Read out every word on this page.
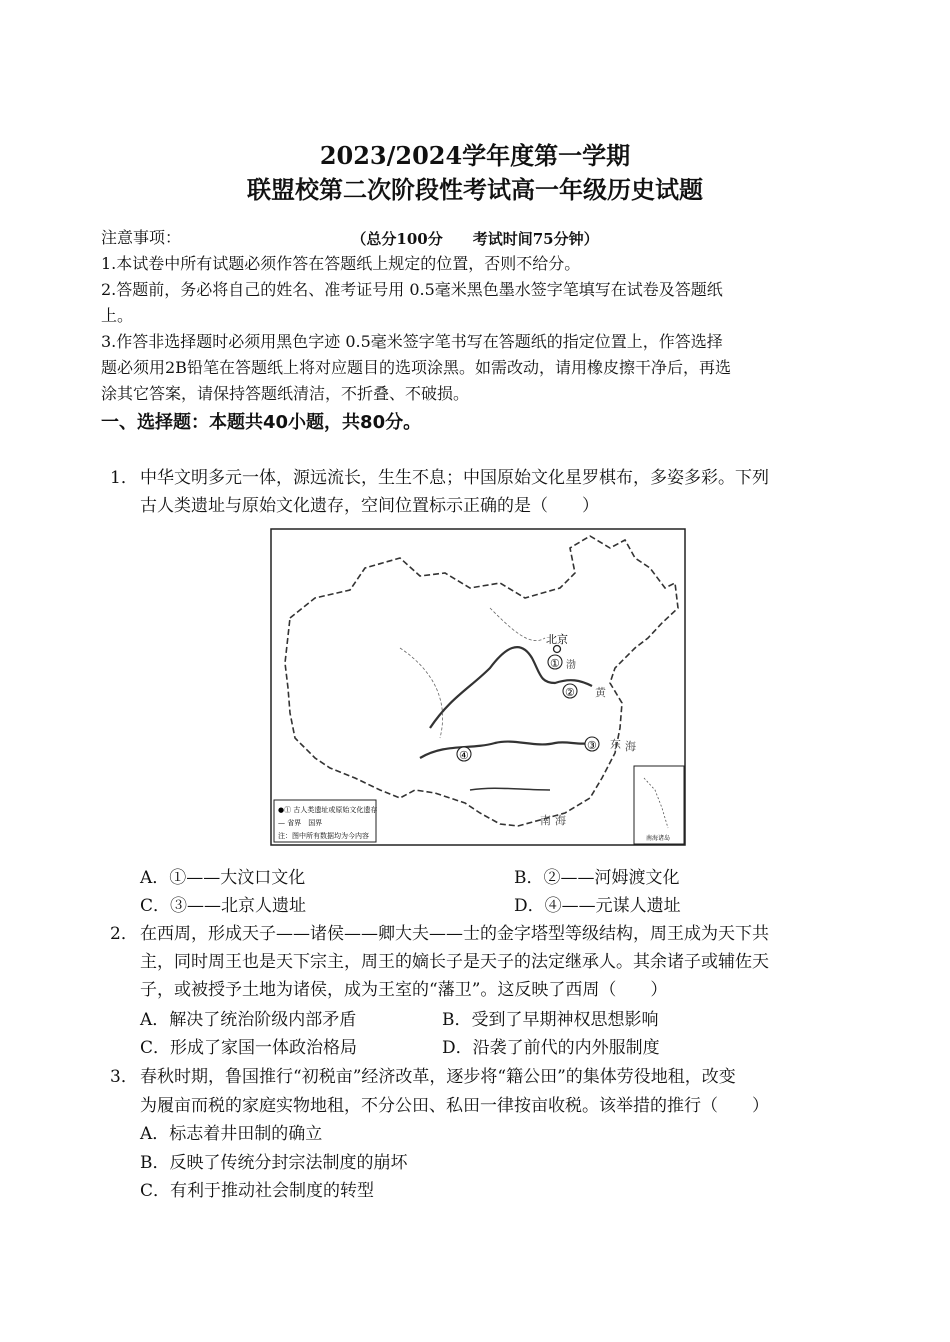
2023/2024学年度第一学期
联盟校第二次阶段性考试高一年级历史试题
（总分100分　　考试时间75分钟）
注意事项：
1.本试卷中所有试题必须作答在答题纸上规定的位置，否则不给分。
2.答题前，务必将自己的姓名、准考证号用 0.5毫米黑色墨水签字笔填写在试卷及答题纸
上。
3.作答非选择题时必须用黑色字迹 0.5毫米签字笔书写在答题纸的指定位置上，作答选择
题必须用2B铅笔在答题纸上将对应题目的选项涂黑。如需改动，请用橡皮擦干净后，再选
涂其它答案，请保持答题纸清洁，不折叠、不破损。
一、选择题：本题共40小题，共80分。
1． 中华文明多元一体，源远流长，生生不息；中国原始文化星罗棋布，多姿多彩。下列
古人类遗址与原始文化遗存，空间位置标示正确的是（　　）
北京
①
②
③
④
渤
黄
东 海
南 海
●① 古人类遗址或原始文化遗存
— 省界　国界
注：图中所有数据均为今内容	南海诸岛
A．①——大汶口文化	B．②——河姆渡文化
C．③——北京人遗址	D．④——元谋人遗址
2． 在西周，形成天子——诸侯——卿大夫——士的金字塔型等级结构，周王成为天下共
主，同时周王也是天下宗主，周王的嫡长子是天子的法定继承人。其余诸子或辅佐天
子，或被授予土地为诸侯，成为王室的“藩卫”。这反映了西周（　　）
A．解决了统治阶级内部矛盾	B．受到了早期神权思想影响
C．形成了家国一体政治格局	D．沿袭了前代的内外服制度
3． 春秋时期，鲁国推行“初税亩”经济改革，逐步将“籍公田”的集体劳役地租，改变
为履亩而税的家庭实物地租，不分公田、私田一律按亩收税。该举措的推行（　　）
A．标志着井田制的确立
B．反映了传统分封宗法制度的崩坏
C．有利于推动社会制度的转型
